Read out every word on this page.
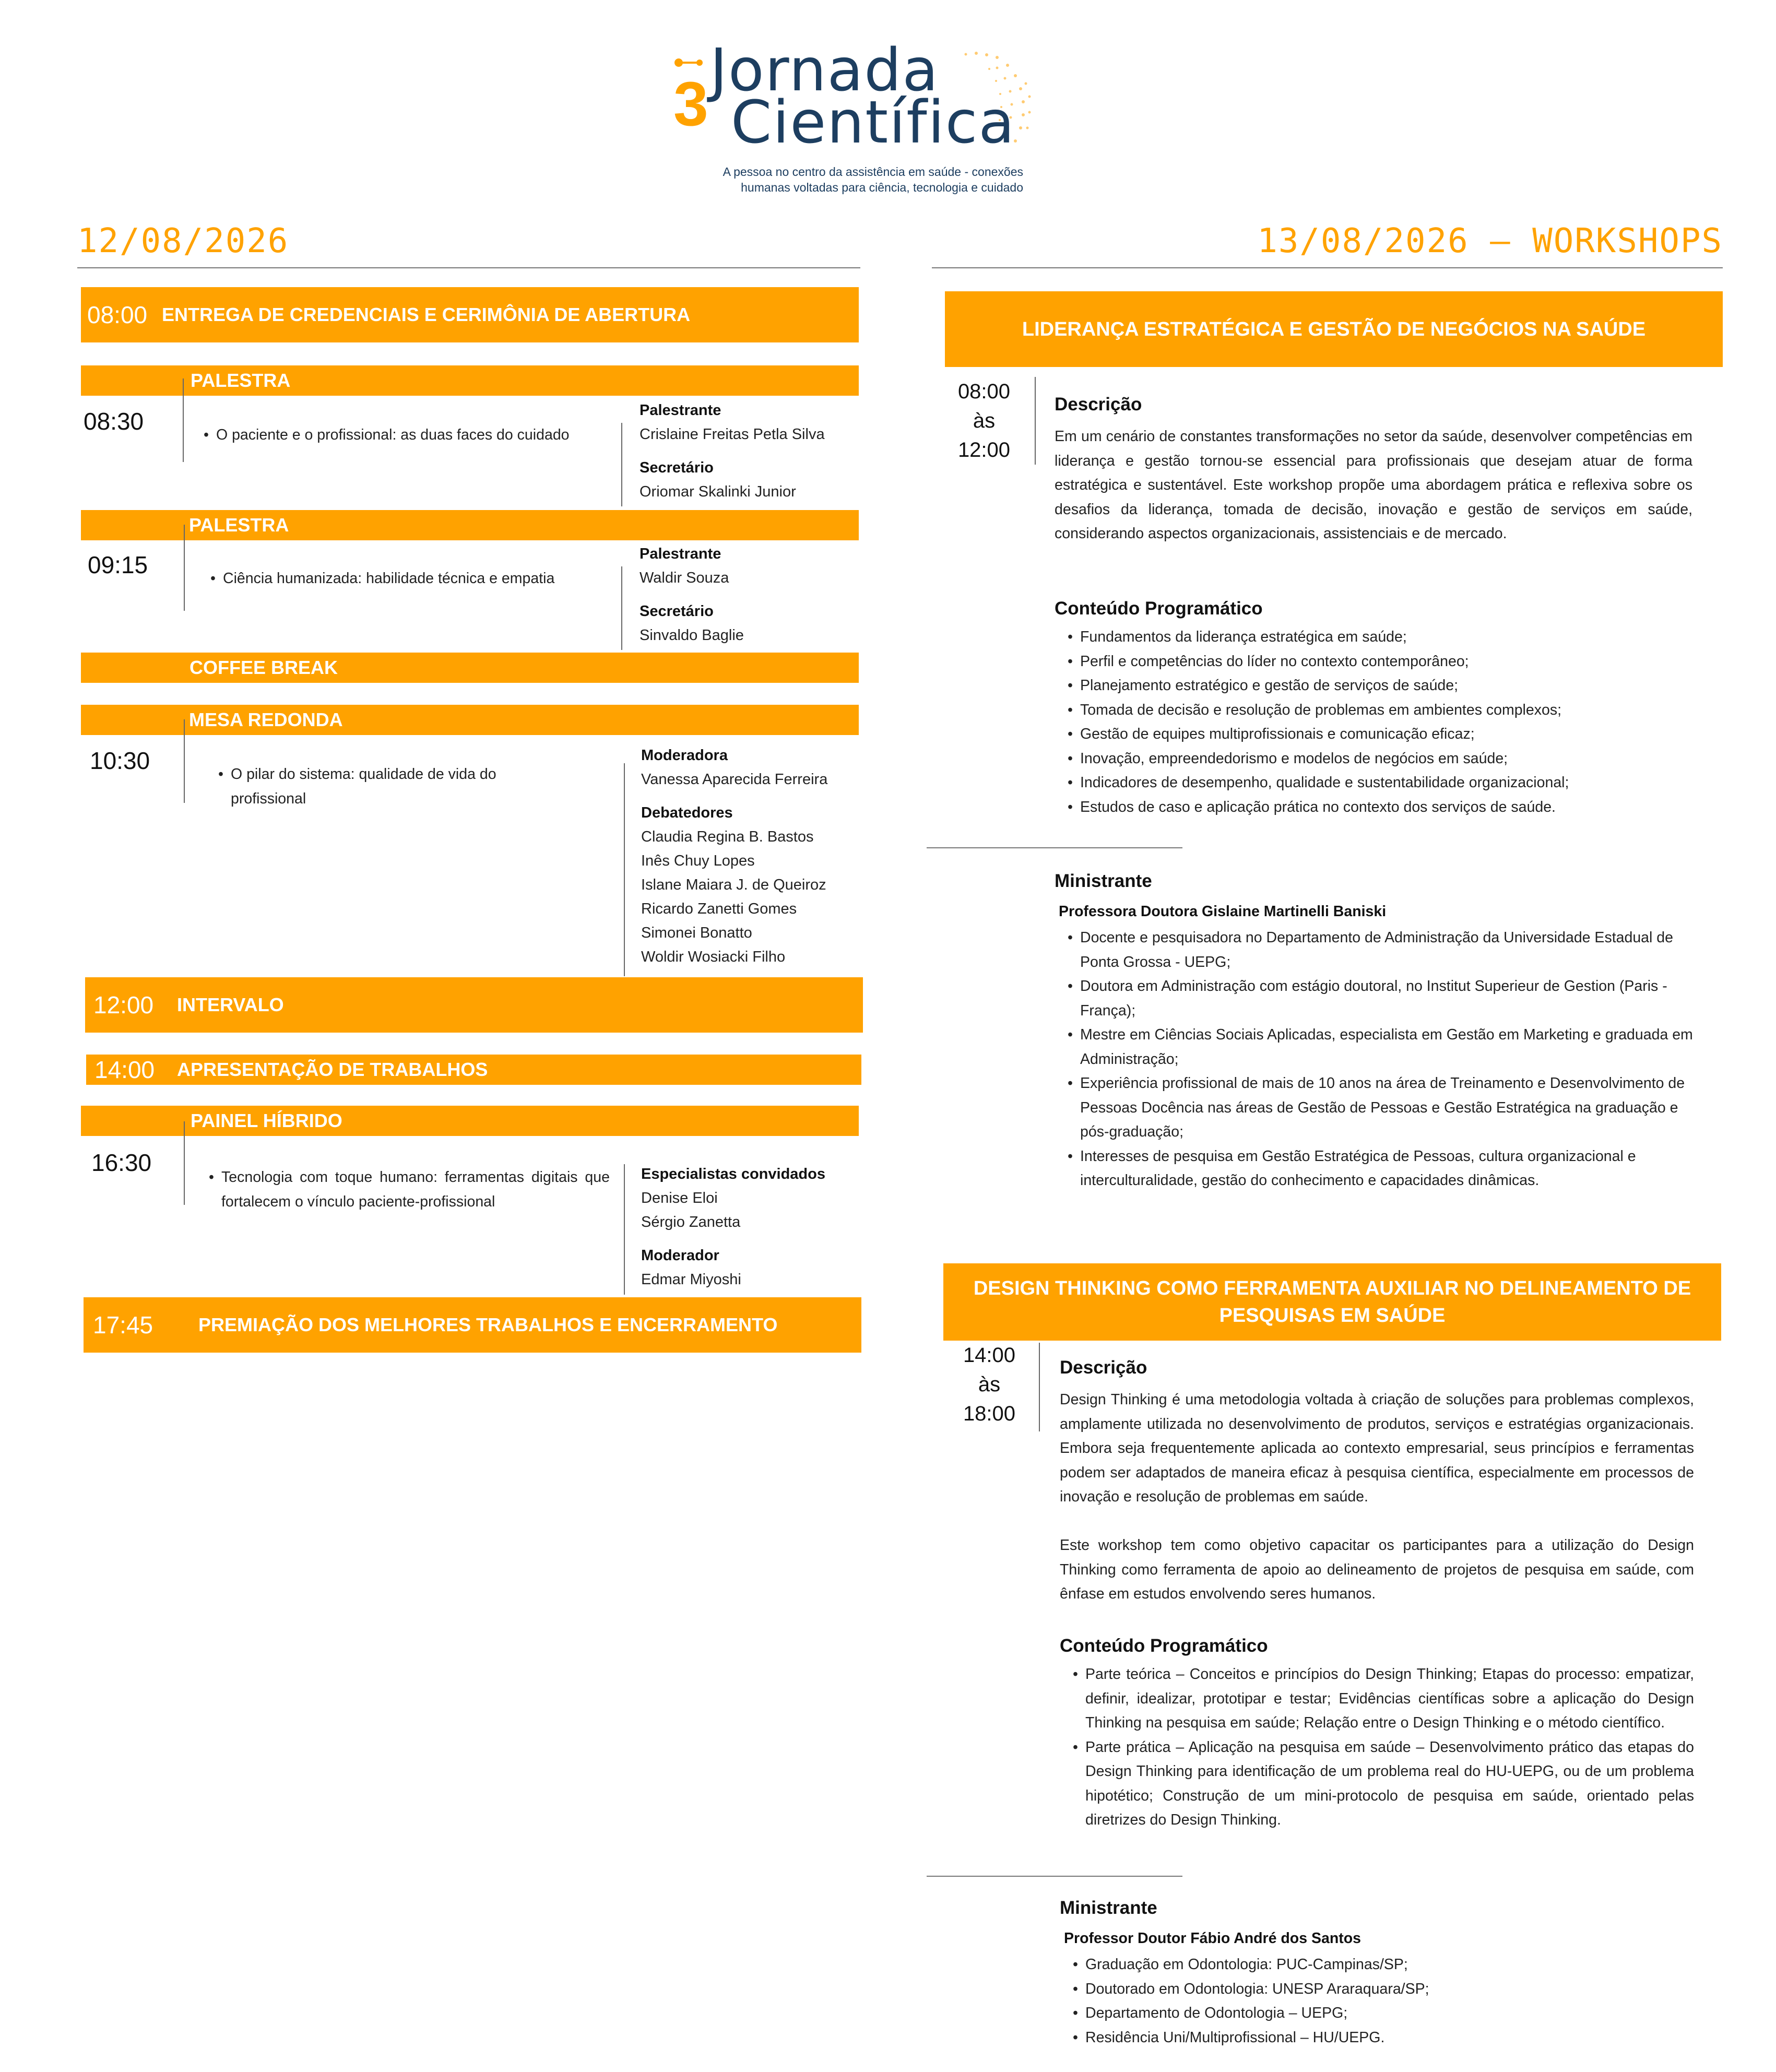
3 Jornada
Científica
A pessoa no centro da assistência em saúde - conexões
humanas voltadas para ciência, tecnologia e cuidado
12/08/2026
08:00 ENTREGA DE CREDENCIAIS E CERIMÔNIA DE ABERTURA
PALESTRA
08:30	• O paciente e o profissional: as duas faces do cuidado
Palestrante
Crislaine Freitas Petla Silva
Secretário
Oriomar Skalinki Junior
PALESTRA
09:15	• Ciência humanizada: habilidade técnica e empatia
Palestrante
Waldir Souza
Secretário
Sinvaldo Baglie
COFFEE BREAK
MESA REDONDA
10:30	• O pilar do sistema: qualidade de vida do profissional
Moderadora
Vanessa Aparecida Ferreira
Debatedores
Claudia Regina B. Bastos
Inês Chuy Lopes
Islane Maiara J. de Queiroz
Ricardo Zanetti Gomes
Simonei Bonatto
Woldir Wosiacki Filho
12:00	INTERVALO
14:00	APRESENTAÇÃO DE TRABALHOS
PAINEL HÍBRIDO
16:30
• Tecnologia com toque humano: ferramentas digitais que fortalecem o vínculo paciente-profissional
Especialistas convidados
Denise Eloi
Sérgio Zanetta
Moderador
Edmar Miyoshi
17:45	PREMIAÇÃO DOS MELHORES TRABALHOS E ENCERRAMENTO
13/08/2026 – WORKSHOPS
LIDERANÇA ESTRATÉGICA E GESTÃO DE NEGÓCIOS NA SAÚDE
08:00
às
12:00
Descrição

Em um cenário de constantes transformações no setor da saúde, desenvolver competências em liderança e gestão tornou-se essencial para profissionais que desejam atuar de forma estratégica e sustentável. Este workshop propõe uma abordagem prática e reflexiva sobre os desafios da liderança, tomada de decisão, inovação e gestão de serviços em saúde, considerando aspectos organizacionais, assistenciais e de mercado.

Conteúdo Programático
• Fundamentos da liderança estratégica em saúde;
• Perfil e competências do líder no contexto contemporâneo;
• Planejamento estratégico e gestão de serviços de saúde;
• Tomada de decisão e resolução de problemas em ambientes complexos;
• Gestão de equipes multiprofissionais e comunicação eficaz;
• Inovação, empreendedorismo e modelos de negócios em saúde;
• Indicadores de desempenho, qualidade e sustentabilidade organizacional;
• Estudos de caso e aplicação prática no contexto dos serviços de saúde.
Ministrante
Professora Doutora Gislaine Martinelli Baniski
• Docente e pesquisadora no Departamento de Administração da Universidade Estadual de Ponta Grossa - UEPG;
• Doutora em Administração com estágio doutoral, no Institut Superieur de Gestion (Paris - França);
• Mestre em Ciências Sociais Aplicadas, especialista em Gestão em Marketing e graduada em Administração;
• Experiência profissional de mais de 10 anos na área de Treinamento e Desenvolvimento de Pessoas Docência nas áreas de Gestão de Pessoas e Gestão Estratégica na graduação e pós-graduação;
• Interesses de pesquisa em Gestão Estratégica de Pessoas, cultura organizacional e interculturalidade, gestão do conhecimento e capacidades dinâmicas.
DESIGN THINKING COMO FERRAMENTA AUXILIAR NO DELINEAMENTO DE PESQUISAS EM SAÚDE
14:00
às
18:00
Descrição

Design Thinking é uma metodologia voltada à criação de soluções para problemas complexos, amplamente utilizada no desenvolvimento de produtos, serviços e estratégias organizacionais. Embora seja frequentemente aplicada ao contexto empresarial, seus princípios e ferramentas podem ser adaptados de maneira eficaz à pesquisa científica, especialmente em processos de inovação e resolução de problemas em saúde.

Este workshop tem como objetivo capacitar os participantes para a utilização do Design Thinking como ferramenta de apoio ao delineamento de projetos de pesquisa em saúde, com ênfase em estudos envolvendo seres humanos.

Conteúdo Programático
• Parte teórica – Conceitos e princípios do Design Thinking; Etapas do processo: empatizar, definir, idealizar, prototipar e testar; Evidências científicas sobre a aplicação do Design Thinking na pesquisa em saúde; Relação entre o Design Thinking e o método científico.
• Parte prática – Aplicação na pesquisa em saúde – Desenvolvimento prático das etapas do Design Thinking para identificação de um problema real do HU-UEPG, ou de um problema hipotético; Construção de um mini-protocolo de pesquisa em saúde, orientado pelas diretrizes do Design Thinking.
Ministrante
Professor Doutor Fábio André dos Santos
• Graduação em Odontologia: PUC-Campinas/SP;
• Doutorado em Odontologia: UNESP Araraquara/SP;
• Departamento de Odontologia – UEPG;
• Residência Uni/Multiprofissional – HU/UEPG.
